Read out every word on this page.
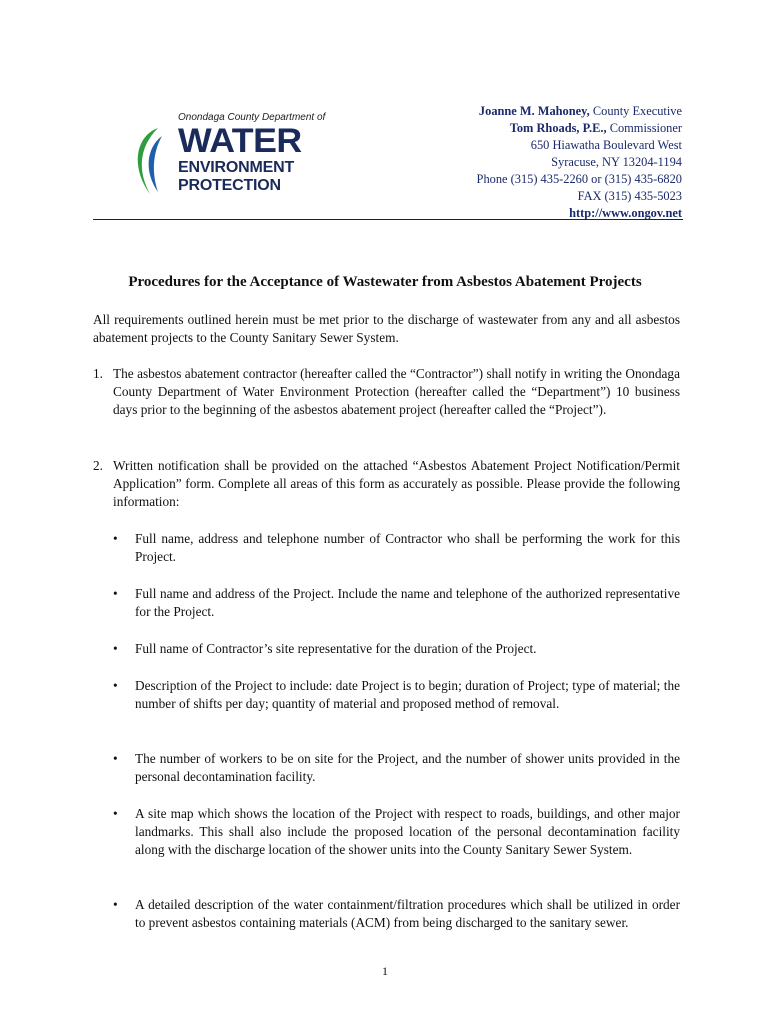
Onondaga County Department of
WATER
ENVIRONMENT
PROTECTION
Joanne M. Mahoney, County Executive
Tom Rhoads, P.E., Commissioner
650 Hiawatha Boulevard West
Syracuse, NY 13204-1194
Phone (315) 435-2260 or (315) 435-6820
FAX (315) 435-5023
http://www.ongov.net
Procedures for the Acceptance of Wastewater from Asbestos Abatement Projects

All requirements outlined herein must be met prior to the discharge of wastewater from any and all asbestos abatement projects to the County Sanitary Sewer System.

1. The asbestos abatement contractor (hereafter called the “Contractor”) shall notify in writing the Onondaga County Department of Water Environment Protection (hereafter called the “Department”) 10 business days prior to the beginning of the asbestos abatement project (hereafter called the “Project”).
2. Written notification shall be provided on the attached “Asbestos Abatement Project Notification/Permit Application” form. Complete all areas of this form as accurately as possible. Please provide the following information:
• Full name, address and telephone number of Contractor who shall be performing the work for this Project.
• Full name and address of the Project. Include the name and telephone of the authorized representative for the Project.
• Full name of Contractor’s site representative for the duration of the Project.
• Description of the Project to include: date Project is to begin; duration of Project; type of material; the number of shifts per day; quantity of material and proposed method of removal.
• The number of workers to be on site for the Project, and the number of shower units provided in the personal decontamination facility.
• A site map which shows the location of the Project with respect to roads, buildings, and other major landmarks. This shall also include the proposed location of the personal decontamination facility along with the discharge location of the shower units into the County Sanitary Sewer System.
• A detailed description of the water containment/filtration procedures which shall be utilized in order to prevent asbestos containing materials (ACM) from being discharged to the sanitary sewer.
1
